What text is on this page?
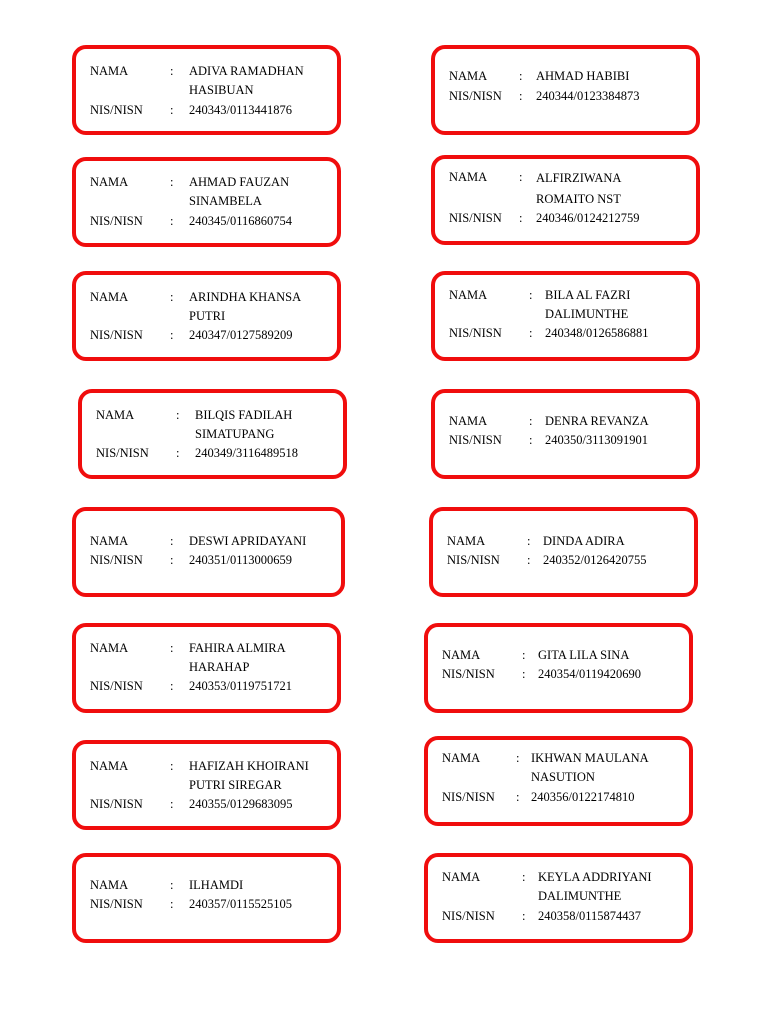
NAMA	: ADIVA RAMADHAN
HASIBUAN
NIS/NISN : 240343/0113441876
NAMA	: AHMAD HABIBI
NIS/NISN : 240344/0123384873
NAMA	: AHMAD FAUZAN
SINAMBELA
NIS/NISN : 240345/0116860754
NAMA	: ALFIRZIWANA
ROMAITO NST
NIS/NISN : 240346/0124212759
NAMA	: ARINDHA KHANSA
PUTRI
NIS/NISN : 240347/0127589209
NAMA	: BILA AL FAZRI
DALIMUNTHE
NIS/NISN : 240348/0126586881
NAMA	: BILQIS FADILAH
SIMATUPANG
NIS/NISN : 240349/3116489518
NAMA	: DENRA REVANZA
NIS/NISN : 240350/3113091901
NAMA	: DESWI APRIDAYANI
NIS/NISN : 240351/0113000659
NAMA	: DINDA ADIRA
NIS/NISN : 240352/0126420755
NAMA	: FAHIRA ALMIRA
HARAHAP
NIS/NISN : 240353/0119751721
NAMA	: GITA LILA SINA
NIS/NISN : 240354/0119420690
NAMA	: HAFIZAH KHOIRANI
PUTRI SIREGAR
NIS/NISN : 240355/0129683095
NAMA	: IKHWAN MAULANA
NASUTION
NIS/NISN : 240356/0122174810
NAMA	: ILHAMDI
NIS/NISN : 240357/0115525105
NAMA	: KEYLA ADDRIYANI
DALIMUNTHE
NIS/NISN : 240358/0115874437
